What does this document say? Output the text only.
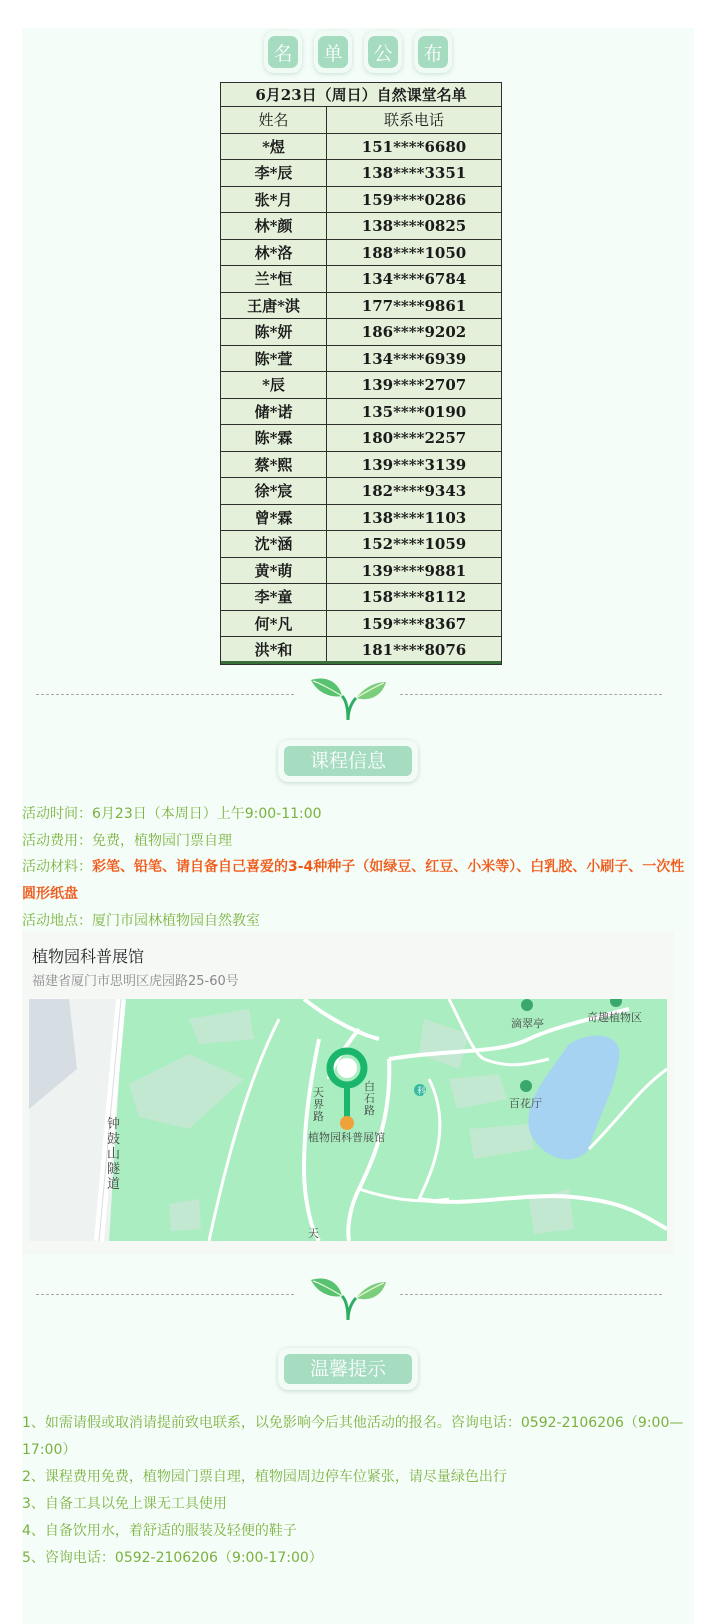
名 单 公 布
6月23日（周日）自然课堂名单
姓名	联系电话
*煜	151****6680
李*辰	138****3351
张*月	159****0286
林*颜	138****0825
林*洛	188****1050
兰*恒	134****6784
王唐*淇	177****9861
陈*妍	186****9202
陈*萱	134****6939
*辰	139****2707
储*诺	135****0190
陈*霖	180****2257
蔡*熙	139****3139
徐*宸	182****9343
曾*霖	138****1103
沈*涵	152****1059
黄*萌	139****9881
李*童	158****8112
何*凡	159****8367
洪*和	181****8076
课程信息
活动时间：6月23日（本周日）上午9:00-11:00
活动费用：免费，植物园门票自理
活动材料：彩笔、铅笔、请自备自己喜爱的3-4种种子（如绿豆、红豆、小米等）、白乳胶、小刷子、一次性圆形纸盘
活动地点：厦门市园林植物园自然教室
植物园科普展馆
福建省厦门市思明区虎园路25-60号
滴翠亭	奇趣植物区
百花厅
科
植物园科普展馆
钟鼓山隧道
天界路
白石路
天
温馨提示
1、如需请假或取消请提前致电联系，以免影响今后其他活动的报名。咨询电话：0592-2106206（9:00—17:00）
2、课程费用免费，植物园门票自理，植物园周边停车位紧张，请尽量绿色出行
3、自备工具以免上课无工具使用
4、自备饮用水，着舒适的服装及轻便的鞋子
5、咨询电话：0592-2106206（9:00-17:00）
